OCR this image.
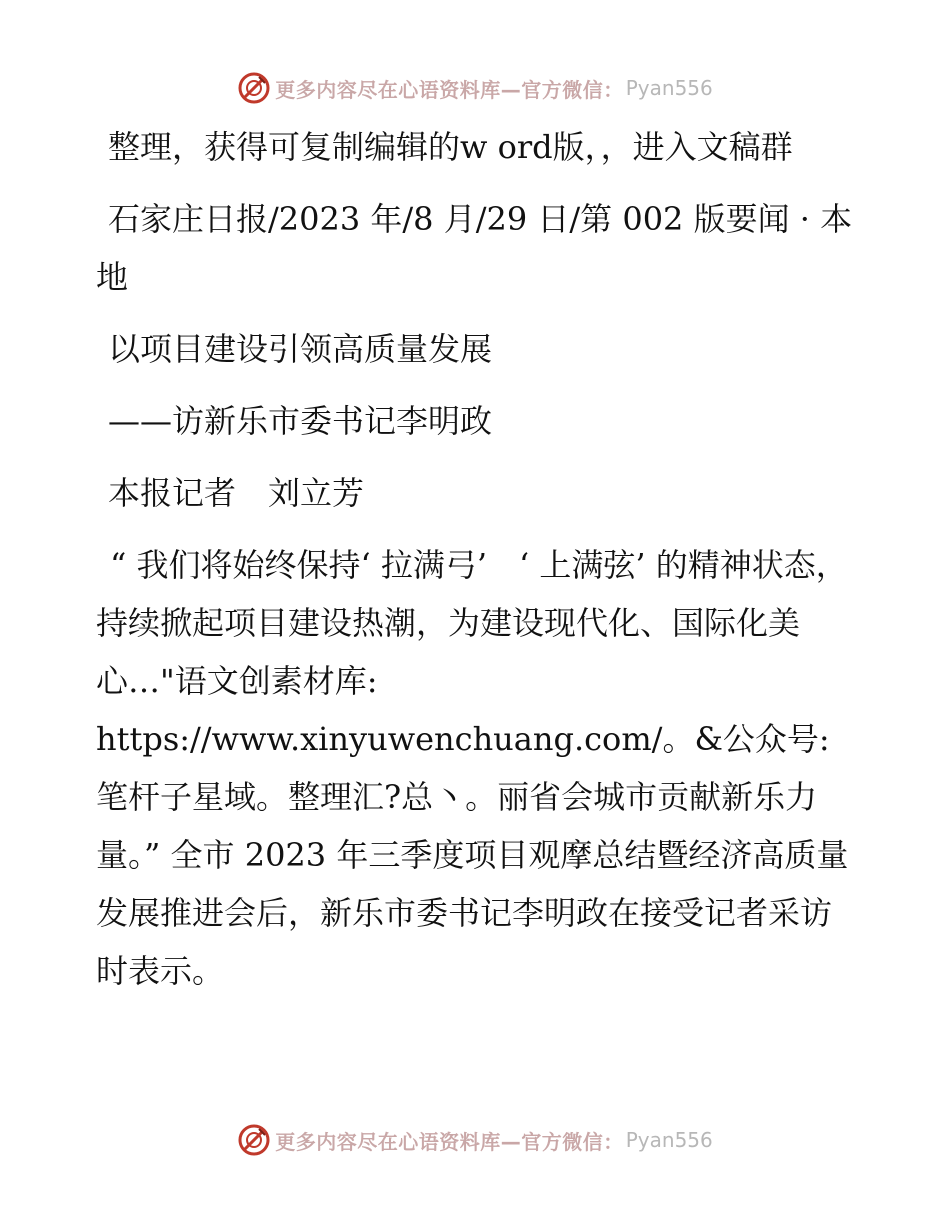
更多内容尽在心语资料库—官方微信： Pyan556

整理，获得可复制编辑的w ord版，，进入文稿群

石家庄日报/2023 年/8 月/29 日/第 002 版要闻 · 本地

以项目建设引领高质量发展

——访新乐市委书记李明政

本报记者　刘立芳

“ 我们将始终保持‘ 拉满弓’　‘ 上满弦’ 的精神状态，持续掀起项目建设热潮，为建设现代化、国际化美心…"语文创素材库: https://www.xinyuwenchuang.com/。&公众号: 笔杆子星域。整理汇?总丶。丽省会城市贡献新乐力量。” 全市 2023 年三季度项目观摩总结暨经济高质量发展推进会后，新乐市委书记李明政在接受记者采访时表示。

更多内容尽在心语资料库—官方微信： Pyan556
